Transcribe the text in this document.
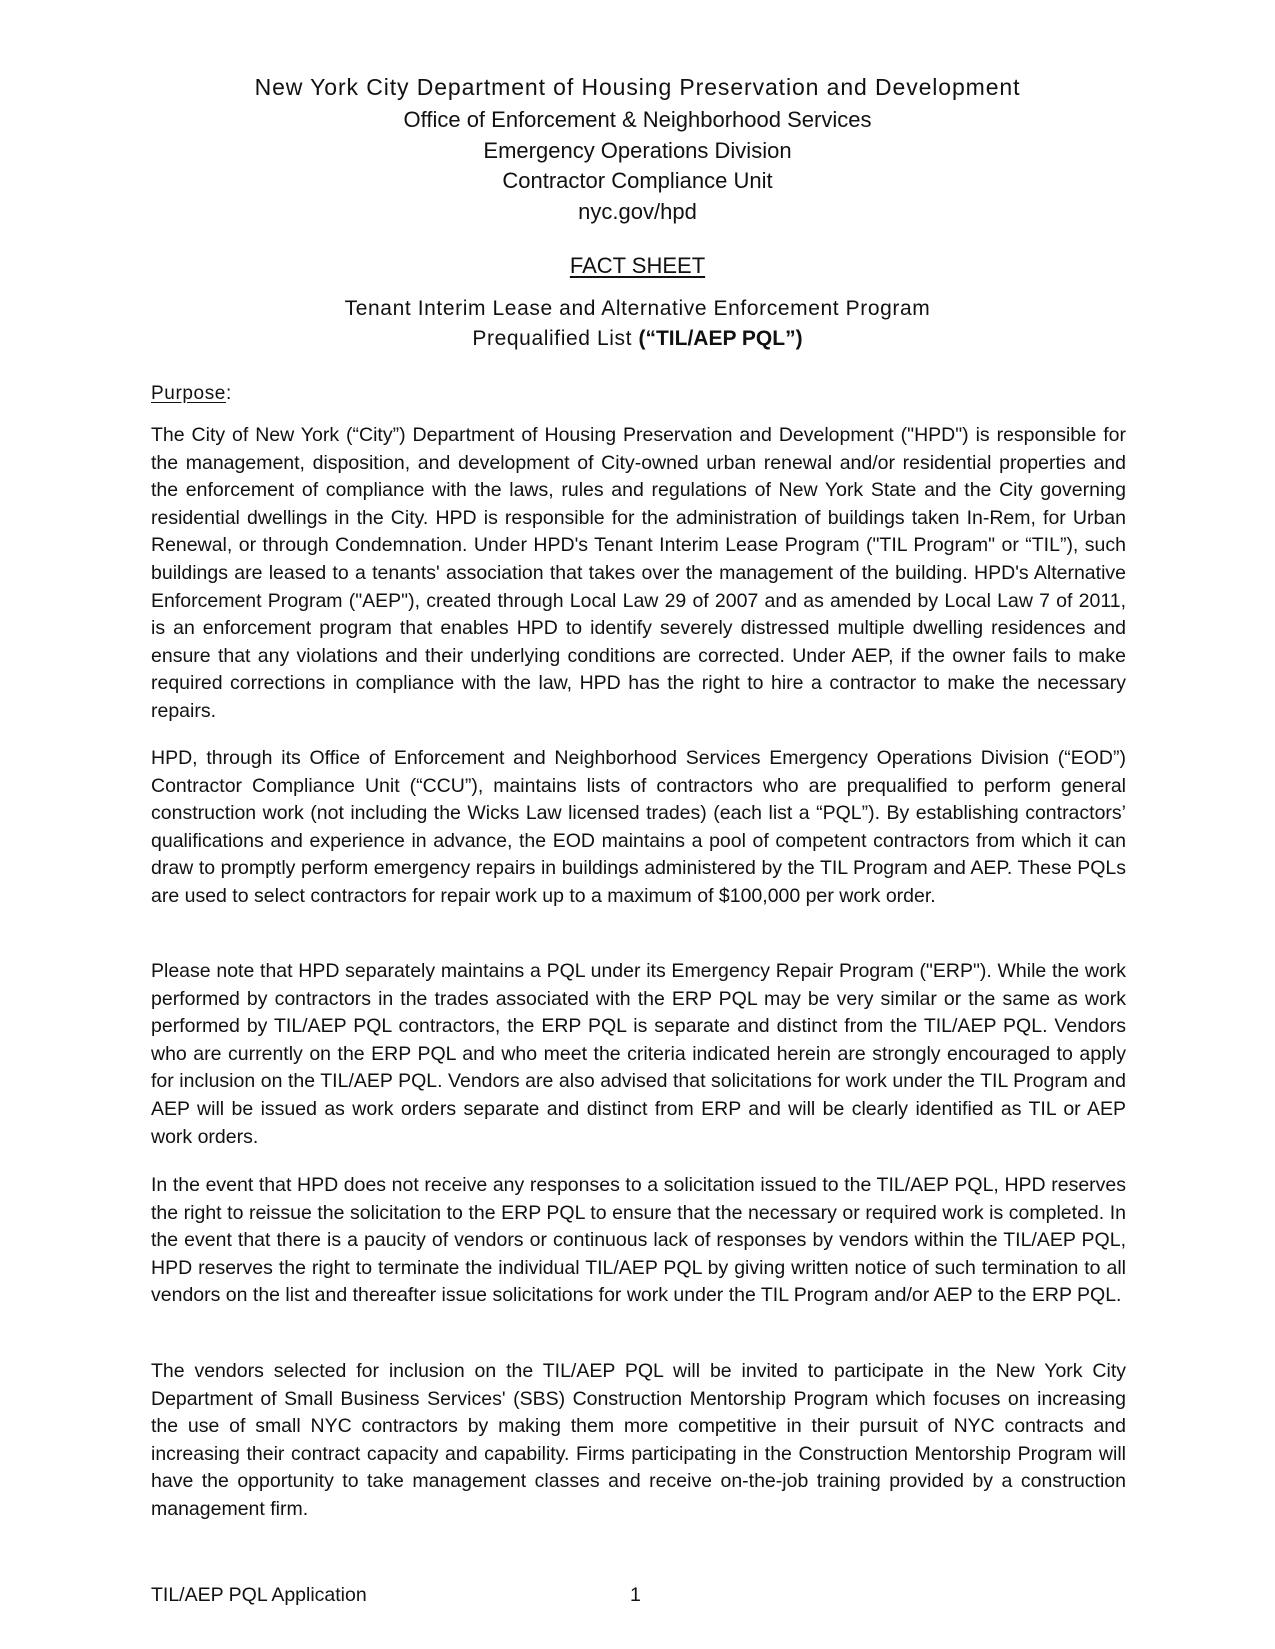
New York City Department of Housing Preservation and Development
Office of Enforcement & Neighborhood Services
Emergency Operations Division
Contractor Compliance Unit
nyc.gov/hpd
FACT SHEET
Tenant Interim Lease and Alternative Enforcement Program
Prequalified List (“TIL/AEP PQL”)
Purpose:

The City of New York (“City”) Department of Housing Preservation and Development ("HPD") is responsible for the management, disposition, and development of City-owned urban renewal and/or residential properties and the enforcement of compliance with the laws, rules and regulations of New York State and the City governing residential dwellings in the City. HPD is responsible for the administration of buildings taken In-Rem, for Urban Renewal, or through Condemnation. Under HPD's Tenant Interim Lease Program ("TIL Program" or “TIL”), such buildings are leased to a tenants' association that takes over the management of the building. HPD's Alternative Enforcement Program ("AEP"), created through Local Law 29 of 2007 and as amended by Local Law 7 of 2011, is an enforcement program that enables HPD to identify severely distressed multiple dwelling residences and ensure that any violations and their underlying conditions are corrected. Under AEP, if the owner fails to make required corrections in compliance with the law, HPD has the right to hire a contractor to make the necessary repairs.

HPD, through its Office of Enforcement and Neighborhood Services Emergency Operations Division (“EOD”) Contractor Compliance Unit (“CCU”), maintains lists of contractors who are prequalified to perform general construction work (not including the Wicks Law licensed trades) (each list a “PQL”). By establishing contractors’ qualifications and experience in advance, the EOD maintains a pool of competent contractors from which it can draw to promptly perform emergency repairs in buildings administered by the TIL Program and AEP. These PQLs are used to select contractors for repair work up to a maximum of $100,000 per work order.

Please note that HPD separately maintains a PQL under its Emergency Repair Program ("ERP"). While the work performed by contractors in the trades associated with the ERP PQL may be very similar or the same as work performed by TIL/AEP PQL contractors, the ERP PQL is separate and distinct from the TIL/AEP PQL. Vendors who are currently on the ERP PQL and who meet the criteria indicated herein are strongly encouraged to apply for inclusion on the TIL/AEP PQL. Vendors are also advised that solicitations for work under the TIL Program and AEP will be issued as work orders separate and distinct from ERP and will be clearly identified as TIL or AEP work orders.

In the event that HPD does not receive any responses to a solicitation issued to the TIL/AEP PQL, HPD reserves the right to reissue the solicitation to the ERP PQL to ensure that the necessary or required work is completed. In the event that there is a paucity of vendors or continuous lack of responses by vendors within the TIL/AEP PQL, HPD reserves the right to terminate the individual TIL/AEP PQL by giving written notice of such termination to all vendors on the list and thereafter issue solicitations for work under the TIL Program and/or AEP to the ERP PQL.

The vendors selected for inclusion on the TIL/AEP PQL will be invited to participate in the New York City Department of Small Business Services' (SBS) Construction Mentorship Program which focuses on increasing the use of small NYC contractors by making them more competitive in their pursuit of NYC contracts and increasing their contract capacity and capability. Firms participating in the Construction Mentorship Program will have the opportunity to take management classes and receive on-the-job training provided by a construction management firm.

TIL/AEP PQL Application	1
